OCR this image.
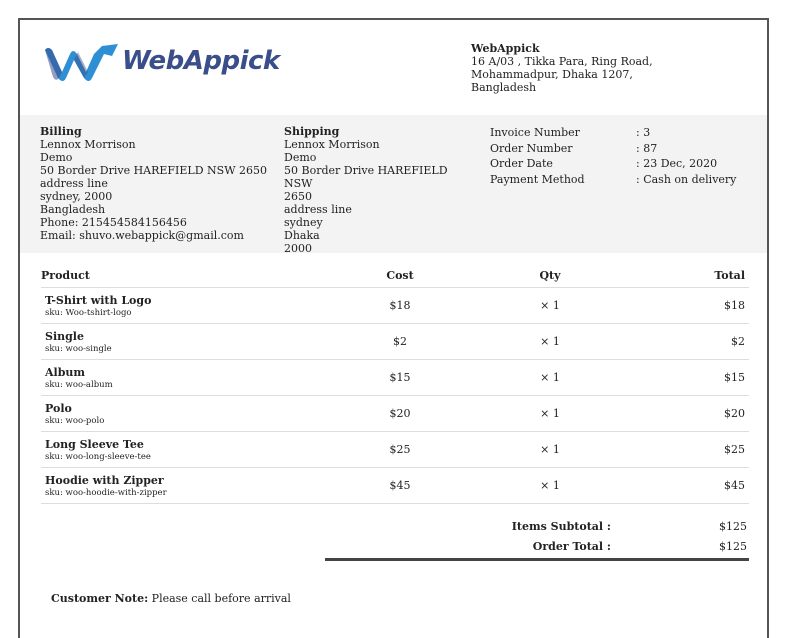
WebAppick	WebAppick
16 A/03 , Tikka Para, Ring Road,
Mohammadpur, Dhaka 1207,
Bangladesh
Billing
Lennox Morrison
Demo
50 Border Drive HAREFIELD NSW 2650
address line
sydney, 2000
Bangladesh
Phone: 215454584156456
Email: shuvo.webappick@gmail.com
Shipping
Lennox Morrison
Demo
50 Border Drive HAREFIELD NSW
2650
address line
sydney
Dhaka
2000
Invoice Number	: 3
Order Number	: 87
Order Date	: 23 Dec, 2020
Payment Method	: Cash on delivery
Product	Cost	Qty	Total

T-Shirt with Logo
sku: Woo-tshirt-logo	$18	× 1	$18

Single
sku: woo-single	$2	× 1	$2

Album
sku: woo-album	$15	× 1	$15

Polo
sku: woo-polo	$20	× 1	$20

Long Sleeve Tee
sku: woo-long-sleeve-tee	$25	× 1	$25

Hoodie with Zipper
sku: woo-hoodie-with-zipper	$45	× 1	$45
Items Subtotal :	$125
Order Total :	$125
Customer Note: Please call before arrival
